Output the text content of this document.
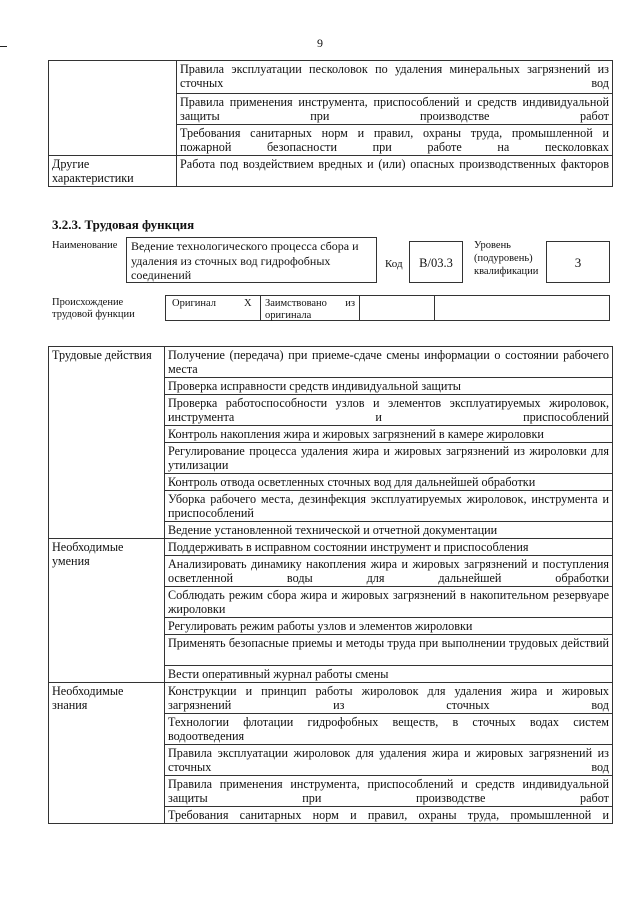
9
	Правила эксплуатации песколовок по удаления минеральных загрязнений из сточных вод
	Правила применения инструмента, приспособлений и средств индивидуальной защиты при производстве работ
	Требования санитарных норм и правил, охраны труда, промышленной и пожарной безопасности при работе на песколовках
Другие характеристики	Работа под воздействием вредных и (или) опасных производственных факторов
3.2.3. Трудовая функция
Наименование	Ведение технологического процесса сбора и удаления из сточных вод гидрофобных соединений
Код	B/03.3
Уровень (подуровень) квалификации
3
Происхождение трудовой функции
Оригинал	X Заимствовано из оригинала
Трудовые действия	Получение (передача) при приеме-сдаче смены информации о состоянии рабочего места
	Проверка исправности средств индивидуальной защиты
	Проверка работоспособности узлов и элементов эксплуатируемых жироловок, инструмента и приспособлений
	Контроль накопления жира и жировых загрязнений в камере жироловки
	Регулирование процесса удаления жира и жировых загрязнений из жироловки для утилизации
	Контроль отвода осветленных сточных вод для дальнейшей обработки
	Уборка рабочего места, дезинфекция эксплуатируемых жироловок, инструмента и приспособлений
	Ведение установленной технической и отчетной документации
Необходимые умения	Поддерживать в исправном состоянии инструмент и приспособления
	Анализировать динамику накопления жира и жировых загрязнений и поступления осветленной воды для дальнейшей обработки
	Соблюдать режим сбора жира и жировых загрязнений в накопительном резервуаре жироловки
	Регулировать режим работы узлов и элементов жироловки
	Применять безопасные приемы и методы труда при выполнении трудовых действий
	Вести оперативный журнал работы смены
Необходимые знания	Конструкции и принцип работы жироловок для удаления жира и жировых загрязнений из сточных вод
	Технологии флотации гидрофобных веществ, в сточных водах систем водоотведения
	Правила эксплуатации жироловок для удаления жира и жировых загрязнений из сточных вод
	Правила применения инструмента, приспособлений и средств индивидуальной защиты при производстве работ
	Требования санитарных норм и правил, охраны труда, промышленной и
